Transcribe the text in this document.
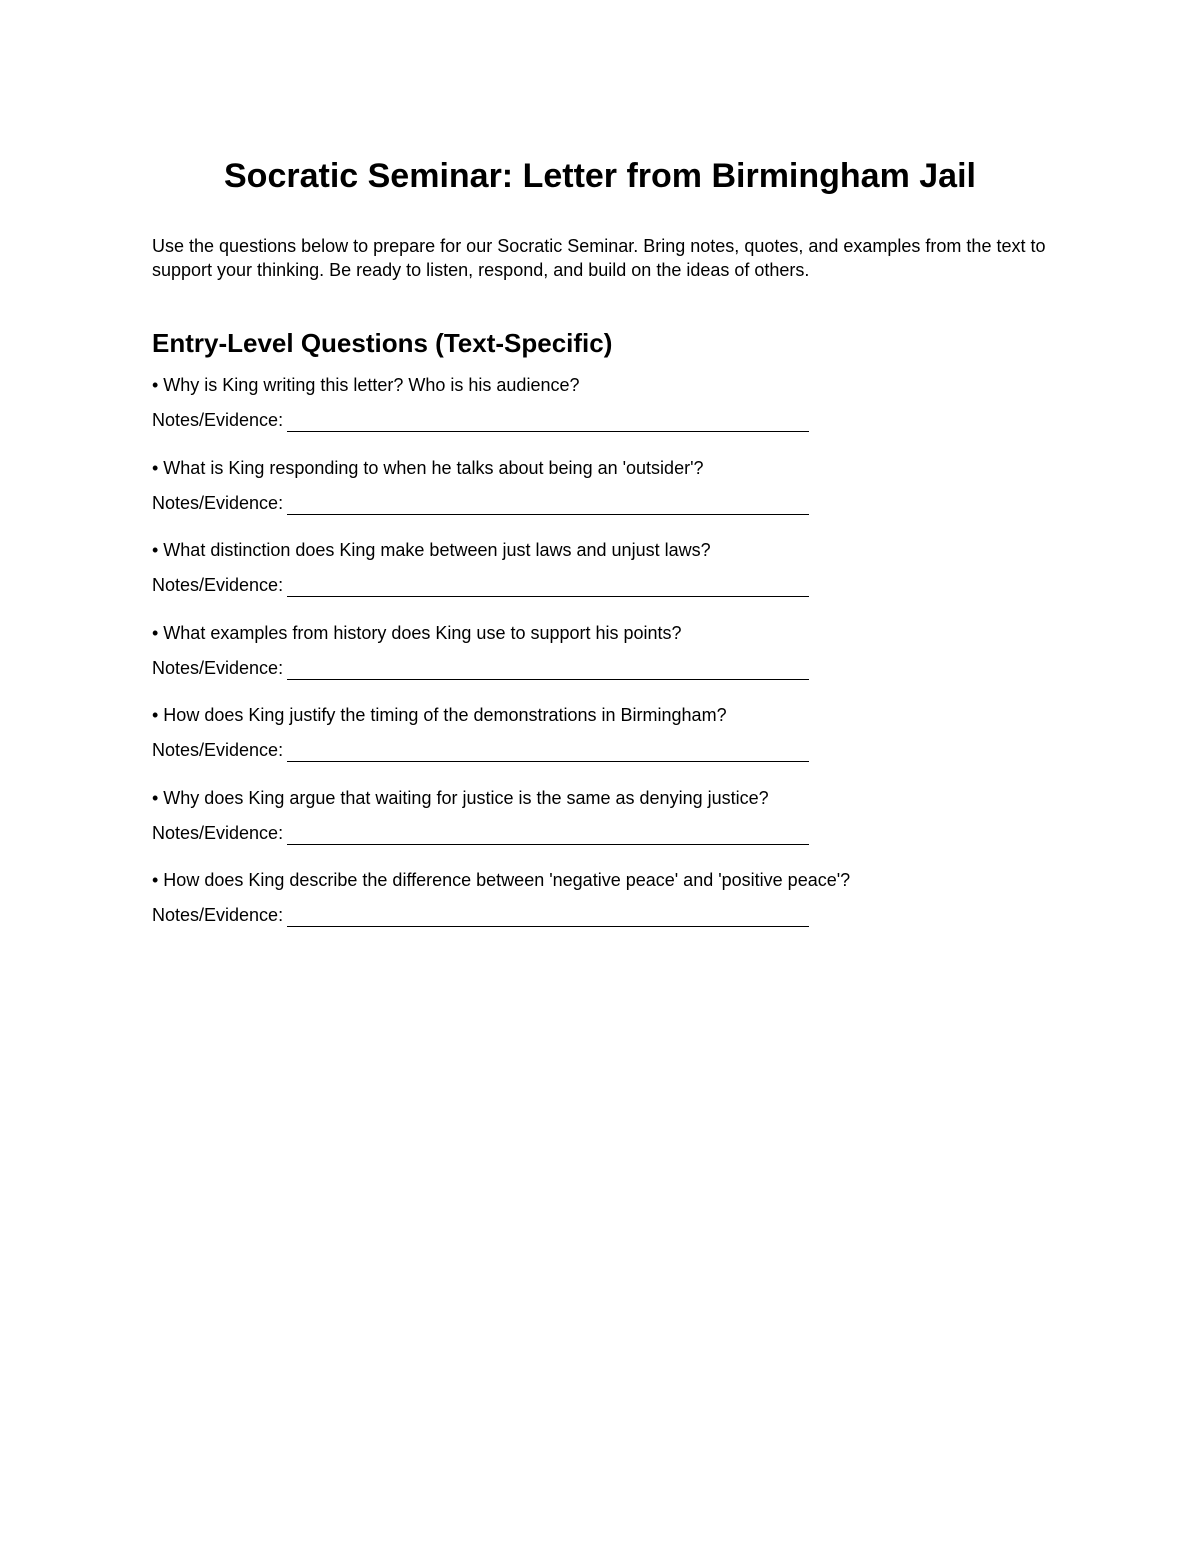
Socratic Seminar: Letter from Birmingham Jail

Use the questions below to prepare for our Socratic Seminar. Bring notes, quotes, and examples from the text to support your thinking. Be ready to listen, respond, and build on the ideas of others.

Entry-Level Questions (Text-Specific)
• Why is King writing this letter? Who is his audience?
Notes/Evidence:
• What is King responding to when he talks about being an 'outsider'?
Notes/Evidence:
• What distinction does King make between just laws and unjust laws?
Notes/Evidence:
• What examples from history does King use to support his points?
Notes/Evidence:
• How does King justify the timing of the demonstrations in Birmingham?
Notes/Evidence:
• Why does King argue that waiting for justice is the same as denying justice?
Notes/Evidence:
• How does King describe the difference between 'negative peace' and 'positive peace'?
Notes/Evidence:
